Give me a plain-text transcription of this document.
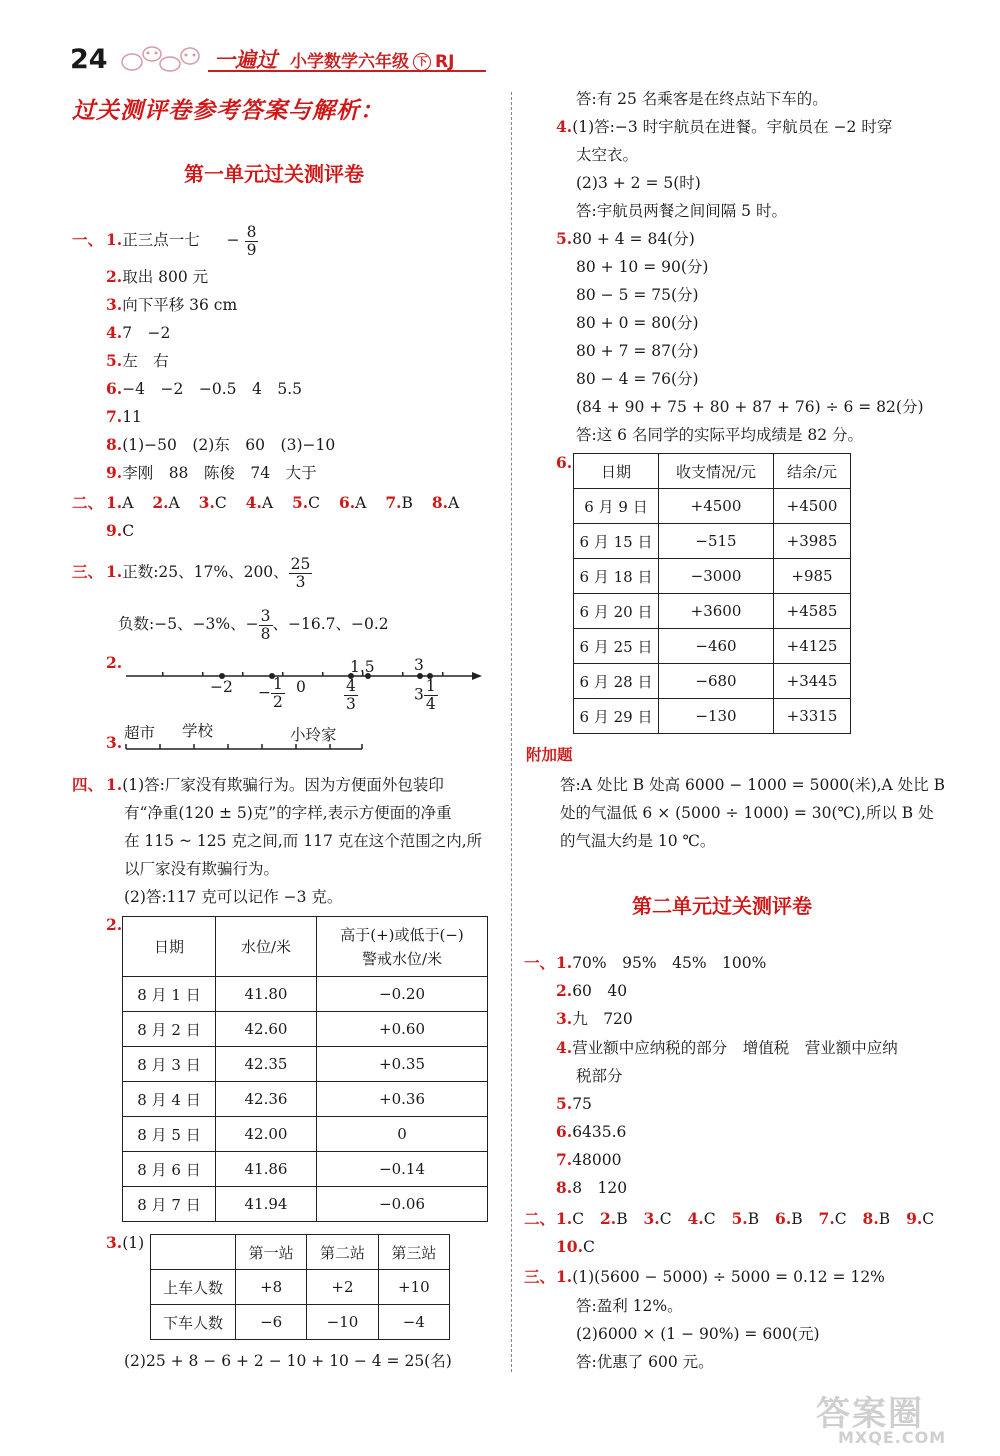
24	一遍过 小学数学六年级 下 RJ
过关测评卷参考答案与解析：
第一单元过关测评卷
一、 1.正三点一七 − $\frac{8}{9}$
2.取出 800 元
3.向下平移 36 cm
4.7　−2
5.左　右
6.−4　−2　−0.5　4　5.5
7.11
8.(1)−50　(2)东　60　(3)−10
9.李刚　88　陈俊　74　大于
二、 1.A 2.A 3.C 4.A 5.C 6.A 7.B 8.A
9.C
三、 1.正数:25、17%、200、 $\frac{25}{3}$
负数:−5、−3%、− $\frac{3}{8}$ 、−16.7、−0.2
2.
$-2 - \frac{1}{2} 0$
1.5
$\frac{4}{3}$
3
$3 \frac{1}{4}$
3. 超市 学校	小玲家
四、 1.(1)答:厂家没有欺骗行为。因为方便面外包装印
有“净重(120 ± 5)克”的字样,表示方便面的净重
在 115 ~ 125 克之间,而 117 克在这个范围之内,所
以厂家没有欺骗行为。
(2)答:117 克可以记作 −3 克。
2.
日期	水位/米	高于(+)或低于(−)
警戒水位/米

8 月 1 日	41.80	−0.20
8 月 2 日	42.60	+0.60
8 月 3 日	42.35	+0.35
8 月 4 日	42.36	+0.36
8 月 5 日	42.00	0
8 月 6 日	41.86	−0.14
8 月 7 日	41.94	−0.06
3.(1)
	第一站	第二站	第三站
上车人数	+8	+2	+10
下车人数	−6	−10	−4
(2)25 + 8 − 6 + 2 − 10 + 10 − 4 = 25(名)
答:有 25 名乘客是在终点站下车的。
4.(1)答:−3 时宇航员在进餐。宇航员在 −2 时穿
太空衣。
(2)3 + 2 = 5(时)
答:宇航员两餐之间间隔 5 时。
5.80 + 4 = 84(分)
80 + 10 = 90(分)
80 − 5 = 75(分)
80 + 0 = 80(分)
80 + 7 = 87(分)
80 − 4 = 76(分)
(84 + 90 + 75 + 80 + 87 + 76) ÷ 6 = 82(分)
答:这 6 名同学的实际平均成绩是 82 分。
6. 日期	收支情况/元	结余/元
6 月 9 日	+4500	+4500
6 月 15 日	−515	+3985
6 月 18 日	−3000	+985
6 月 20 日	+3600	+4585
6 月 25 日	−460	+4125
6 月 28 日	−680	+3445
6 月 29 日	−130	+3315
附加题
答:A 处比 B 处高 6000 − 1000 = 5000(米),A 处比 B
处的气温低 6 × (5000 ÷ 1000) = 30(℃),所以 B 处
的气温大约是 10 ℃。
第二单元过关测评卷
一、 1.70%　95%　45%　100%
2.60　40
3.九　720
4.营业额中应纳税的部分　增值税　营业额中应纳
税部分
5.75
6.6435.6
7.48000
8.8　120
二、 1.C 2.B 3.C 4.C 5.B 6.B 7.C 8.B 9.C
10.C
三、 1.(1)(5600 − 5000) ÷ 5000 = 0.12 = 12%
答:盈利 12%。
(2)6000 × (1 − 90%) = 600(元)
答:优惠了 600 元。
答案圈
MXQE.COM
